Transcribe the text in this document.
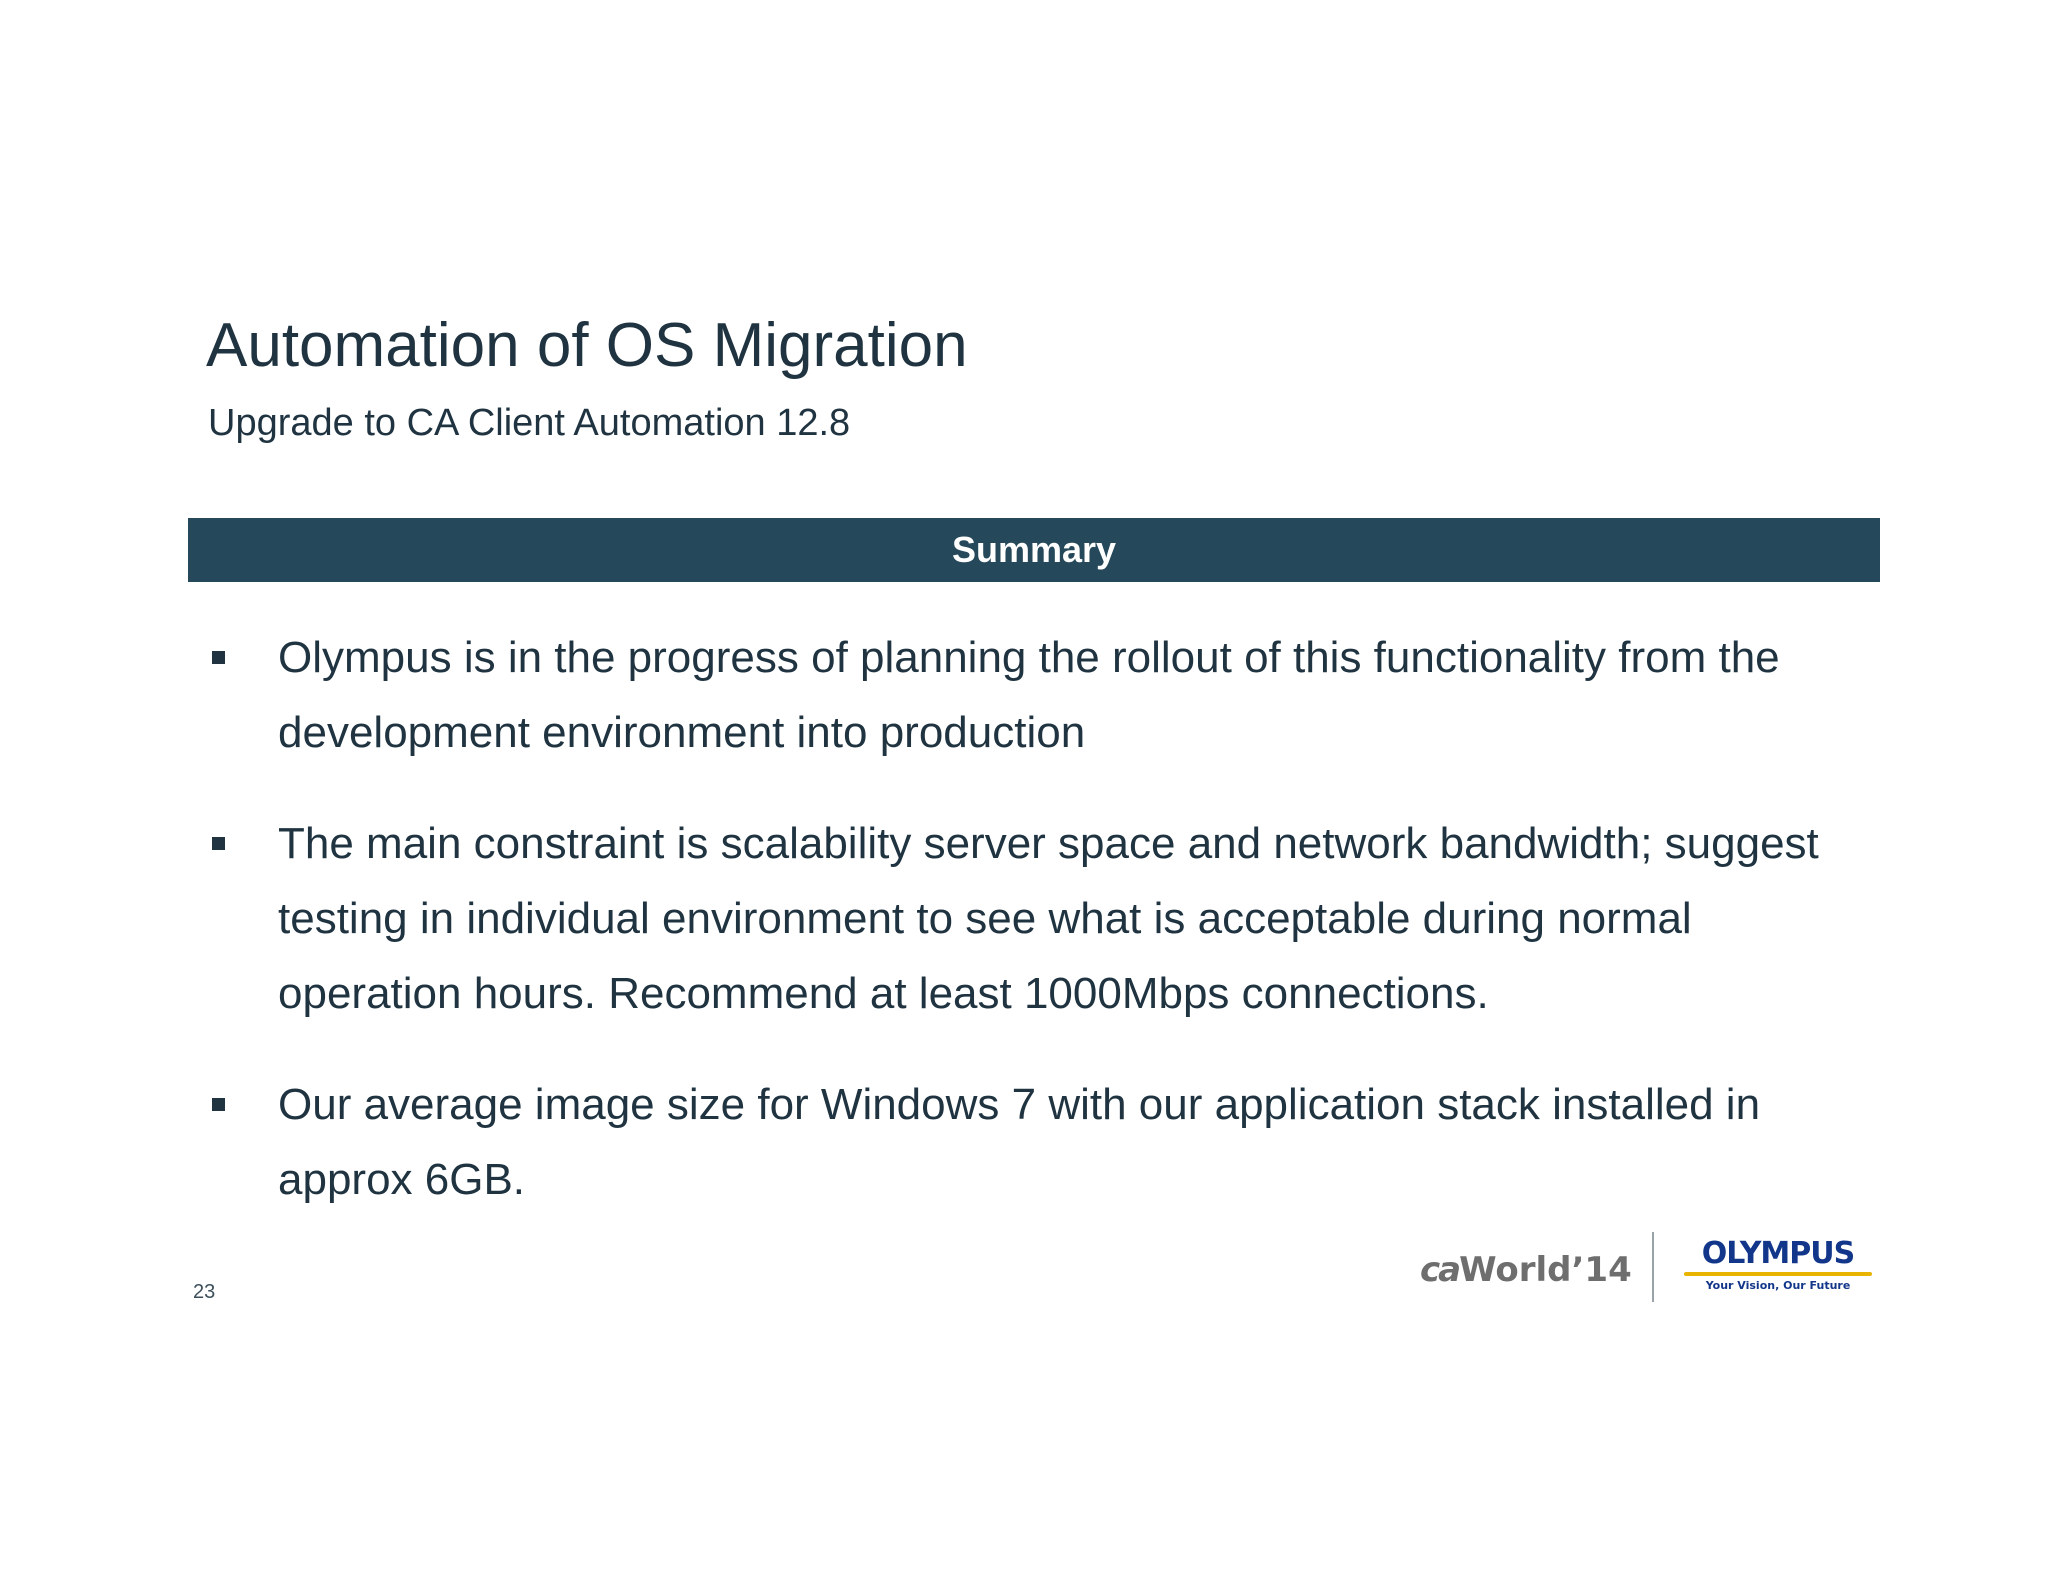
Automation of OS Migration
Upgrade to CA Client Automation 12.8
Summary
Olympus is in the progress of planning the rollout of this functionality from the development environment into production
The main constraint is scalability server space and network bandwidth; suggest testing in individual environment to see what is acceptable during normal operation hours. Recommend at least 1000Mbps connections.
Our average image size for Windows 7 with our application stack installed in approx 6GB.
23
caWorld’14	OLYMPUS
Your Vision, Our Future
